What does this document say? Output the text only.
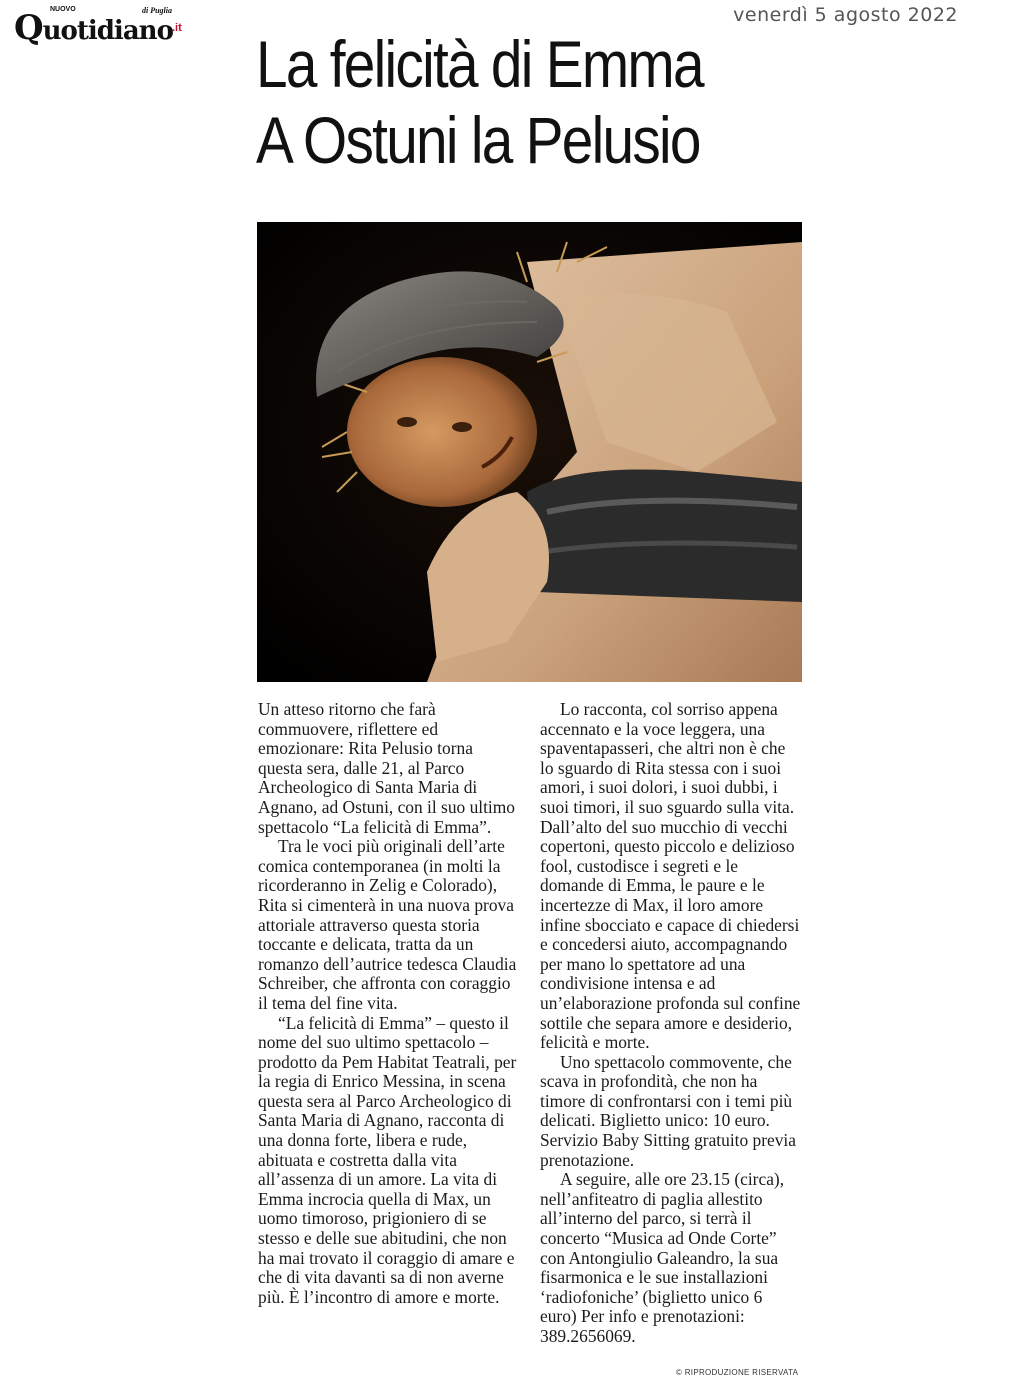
NUOVO
Quotidiano
di Puglia
.it
venerdì 5 agosto 2022
La felicità di Emma
A Ostuni la Pelusio

Un atteso ritorno che farà commuovere, riflettere ed emozionare: Rita Pelusio torna questa sera, dalle 21, al Parco Archeologico di Santa Maria di Agnano, ad Ostuni, con il suo ultimo spettacolo “La felicità di Emma”.

Tra le voci più originali dell’arte comica contemporanea (in molti la ricorderanno in Zelig e Colorado), Rita si cimenterà in una nuova prova attoriale attraverso questa storia toccante e delicata, tratta da un romanzo dell’autrice tedesca Claudia Schreiber, che affronta con coraggio il tema del fine vita.

“La felicità di Emma” – questo il nome del suo ultimo spettacolo – prodotto da Pem Habitat Teatrali, per la regia di Enrico Messina, in scena questa sera al Parco Archeologico di Santa Maria di Agnano, racconta di una donna forte, libera e rude, abituata e costretta dalla vita all’assenza di un amore. La vita di Emma incrocia quella di Max, un uomo timoroso, prigioniero di se stesso e delle sue abitudini, che non ha mai trovato il coraggio di amare e che di vita davanti sa di non averne più. È l’incontro di amore e morte.

Lo racconta, col sorriso appena accennato e la voce leggera, una spaventapasseri, che altri non è che lo sguardo di Rita stessa con i suoi amori, i suoi dolori, i suoi dubbi, i suoi timori, il suo sguardo sulla vita. Dall’alto del suo mucchio di vecchi copertoni, questo piccolo e delizioso fool, custodisce i segreti e le domande di Emma, le paure e le incertezze di Max, il loro amore infine sbocciato e capace di chiedersi e concedersi aiuto, accompagnando per mano lo spettatore ad una condivisione intensa e ad un’elaborazione profonda sul confine sottile che separa amore e desiderio, felicità e morte.

Uno spettacolo commovente, che scava in profondità, che non ha timore di confrontarsi con i temi più delicati. Biglietto unico: 10 euro. Servizio Baby Sitting gratuito previa prenotazione.

A seguire, alle ore 23.15 (circa), nell’anfiteatro di paglia allestito all’interno del parco, si terrà il concerto “Musica ad Onde Corte” con Antongiulio Galeandro, la sua fisarmonica e le sue installazioni ‘radiofoniche’ (biglietto unico 6 euro) Per info e prenotazioni: 389.2656069.

© RIPRODUZIONE RISERVATA
